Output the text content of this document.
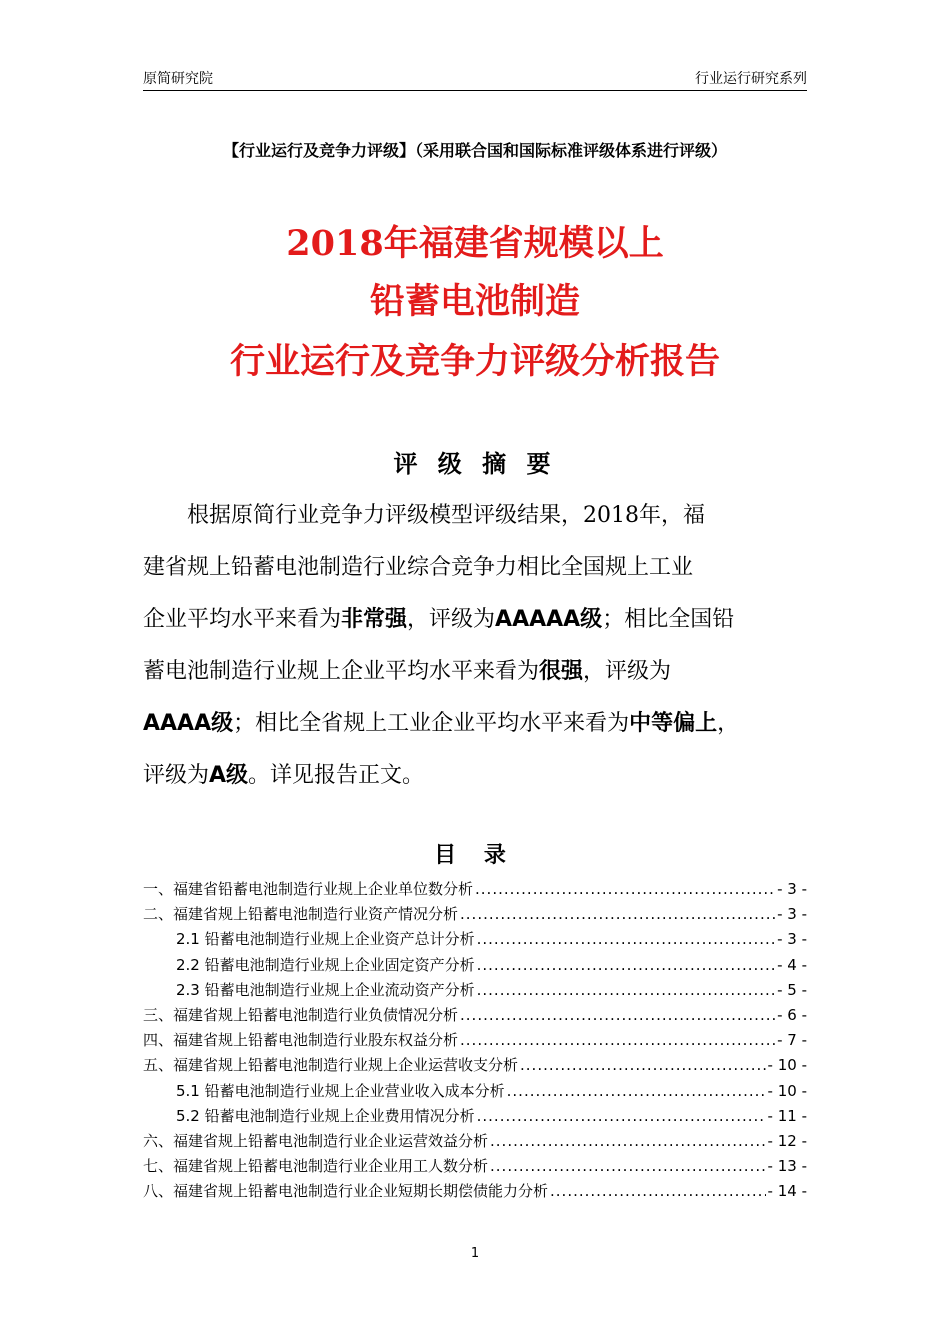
原简研究院	行业运行研究系列
【行业运行及竞争力评级】（采用联合国和国际标准评级体系进行评级）
2018年福建省规模以上
铅蓄电池制造
行业运行及竞争力评级分析报告
评 级 摘 要
根据原简行业竞争力评级模型评级结果，2018年，福
建省规上铅蓄电池制造行业综合竞争力相比全国规上工业
企业平均水平来看为 非常强 ，评级为 AAAAA级 ；相比全国铅
蓄电池制造行业规上企业平均水平来看为 很强 ，评级为
AAAA级 ；相比全省规上工业企业平均水平来看为 中等偏上 ，
评级为 A级 。详见报告正文。
目 录
一、福建省铅蓄电池制造行业规上企业单位数分析 .....	- 3 -
二、福建省规上铅蓄电池制造行业资产情况分析 .....	- 3 -
2.1 铅蓄电池制造行业规上企业资产总计分析 .....	- 3 -
2.2 铅蓄电池制造行业规上企业固定资产分析 .....	- 4 -
2.3 铅蓄电池制造行业规上企业流动资产分析 .....	- 5 -
三、福建省规上铅蓄电池制造行业负债情况分析 .....	- 6 -
四、福建省规上铅蓄电池制造行业股东权益分析 .....	- 7 -
五、福建省规上铅蓄电池制造行业规上企业运营收支分析 .....	- 10 -
5.1 铅蓄电池制造行业规上企业营业收入成本分析 .....	- 10 -
5.2 铅蓄电池制造行业规上企业费用情况分析 .....	- 11 -
六、福建省规上铅蓄电池制造行业企业运营效益分析 .....	- 12 -
七、福建省规上铅蓄电池制造行业企业用工人数分析 .....	- 13 -
八、福建省规上铅蓄电池制造行业企业短期长期偿债能力分析 .....	- 14 -
1
